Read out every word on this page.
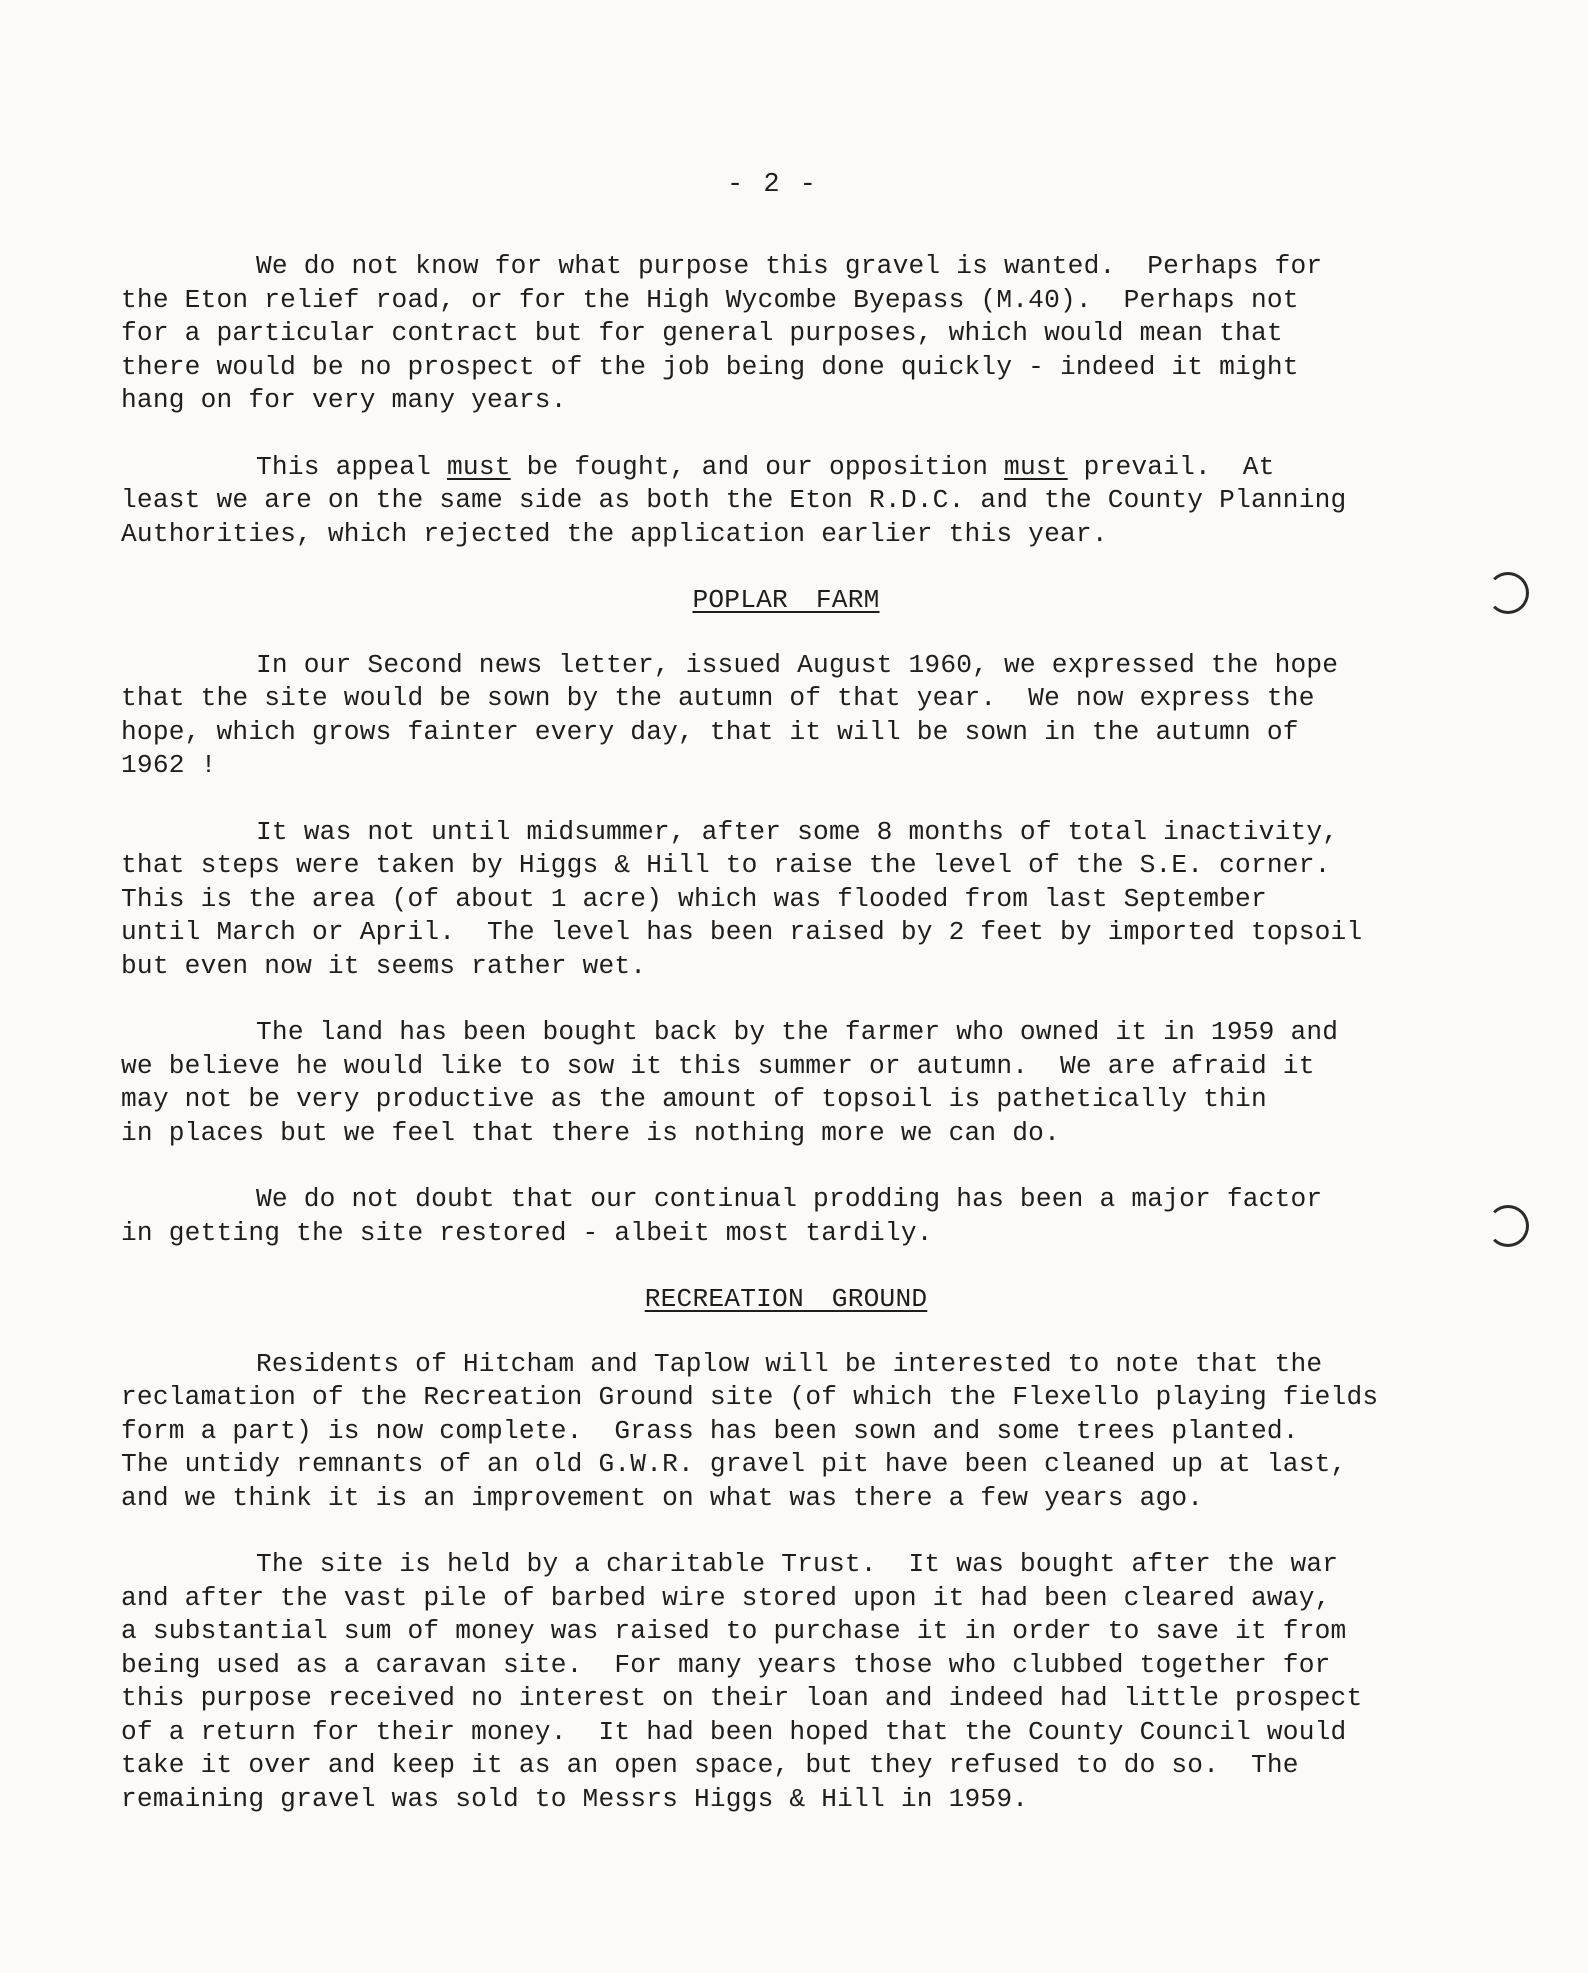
- 2 -
We do not know for what purpose this gravel is wanted.  Perhaps for
the Eton relief road, or for the High Wycombe Byepass (M.40).  Perhaps not
for a particular contract but for general purposes, which would mean that
there would be no prospect of the job being done quickly - indeed it might
hang on for very many years.
This appeal must be fought, and our opposition must prevail.  At
least we are on the same side as both the Eton R.D.C. and the County Planning
Authorities, which rejected the application earlier this year.
POPLAR FARM
In our Second news letter, issued August 1960, we expressed the hope
that the site would be sown by the autumn of that year.  We now express the
hope, which grows fainter every day, that it will be sown in the autumn of
1962 !
It was not until midsummer, after some 8 months of total inactivity,
that steps were taken by Higgs & Hill to raise the level of the S.E. corner.
This is the area (of about 1 acre) which was flooded from last September
until March or April.  The level has been raised by 2 feet by imported topsoil
but even now it seems rather wet.
The land has been bought back by the farmer who owned it in 1959 and
we believe he would like to sow it this summer or autumn.  We are afraid it
may not be very productive as the amount of topsoil is pathetically thin
in places but we feel that there is nothing more we can do.
We do not doubt that our continual prodding has been a major factor
in getting the site restored - albeit most tardily.
RECREATION GROUND
Residents of Hitcham and Taplow will be interested to note that the
reclamation of the Recreation Ground site (of which the Flexello playing fields
form a part) is now complete.  Grass has been sown and some trees planted.
The untidy remnants of an old G.W.R. gravel pit have been cleaned up at last,
and we think it is an improvement on what was there a few years ago.
The site is held by a charitable Trust.  It was bought after the war
and after the vast pile of barbed wire stored upon it had been cleared away,
a substantial sum of money was raised to purchase it in order to save it from
being used as a caravan site.  For many years those who clubbed together for
this purpose received no interest on their loan and indeed had little prospect
of a return for their money.  It had been hoped that the County Council would
take it over and keep it as an open space, but they refused to do so.  The
remaining gravel was sold to Messrs Higgs & Hill in 1959.
